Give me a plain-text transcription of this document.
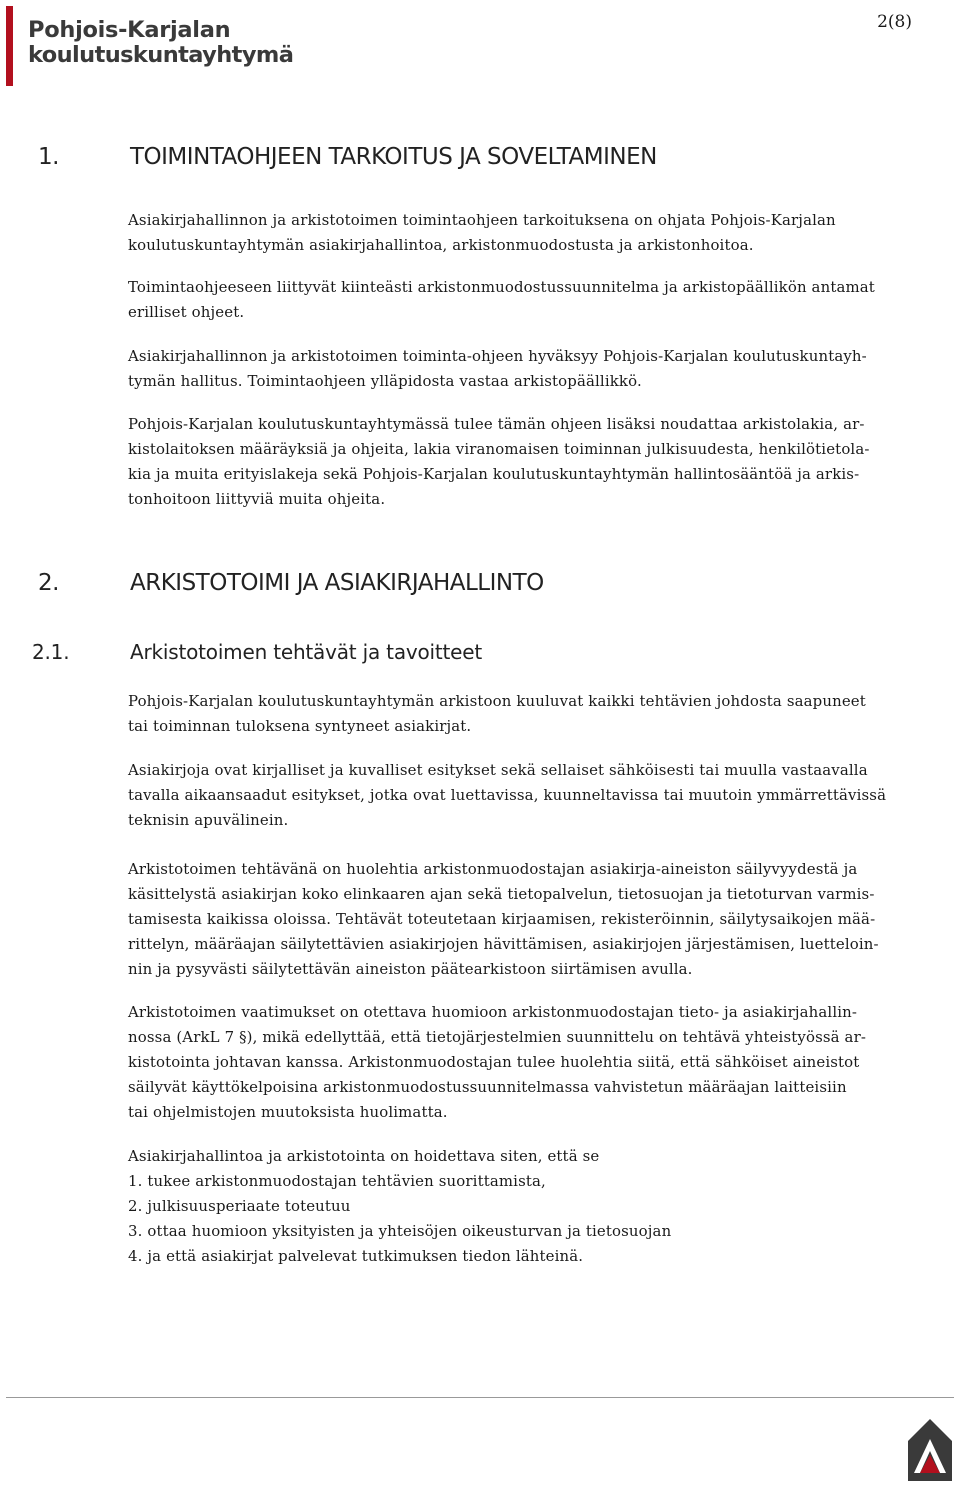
Pohjois-Karjalan
koulutuskuntayhtymä
2(8)
1.	TOIMINTAOHJEEN TARKOITUS JA SOVELTAMINEN

Asiakirjahallinnon ja arkistotoimen toimintaohjeen tarkoituksena on ohjata Pohjois-Karjalan
koulutuskuntayhtymän asiakirjahallintoa, arkistonmuodostusta ja arkistonhoitoa.

Toimintaohjeeseen liittyvät kiinteästi arkistonmuodostussuunnitelma ja arkistopäällikön antamat
erilliset ohjeet.

Asiakirjahallinnon ja arkistotoimen toiminta-ohjeen hyväksyy Pohjois-Karjalan koulutuskuntayh-
tymän hallitus. Toimintaohjeen ylläpidosta vastaa arkistopäällikkö.

Pohjois-Karjalan koulutuskuntayhtymässä tulee tämän ohjeen lisäksi noudattaa arkistolakia, ar-
kistolaitoksen määräyksiä ja ohjeita, lakia viranomaisen toiminnan julkisuudesta, henkilötietola-
kia ja muita erityislakeja sekä Pohjois-Karjalan koulutuskuntayhtymän hallintosääntöä ja arkis-
tonhoitoon liittyviä muita ohjeita.

2.	ARKISTOTOIMI JA ASIAKIRJAHALLINTO
2.1.	Arkistotoimen tehtävät ja tavoitteet

Pohjois-Karjalan koulutuskuntayhtymän arkistoon kuuluvat kaikki tehtävien johdosta saapuneet
tai toiminnan tuloksena syntyneet asiakirjat.

Asiakirjoja ovat kirjalliset ja kuvalliset esitykset sekä sellaiset sähköisesti tai muulla vastaavalla
tavalla aikaansaadut esitykset, jotka ovat luettavissa, kuunneltavissa tai muutoin ymmärrettävissä
teknisin apuvälinein.

Arkistotoimen tehtävänä on huolehtia arkistonmuodostajan asiakirja-aineiston säilyvyydestä ja
käsittelystä asiakirjan koko elinkaaren ajan sekä tietopalvelun, tietosuojan ja tietoturvan varmis-
tamisesta kaikissa oloissa. Tehtävät toteutetaan kirjaamisen, rekisteröinnin, säilytysaikojen mää-
rittelyn, määräajan säilytettävien asiakirjojen hävittämisen, asiakirjojen järjestämisen, luetteloin-
nin ja pysyvästi säilytettävän aineiston päätearkistoon siirtämisen avulla.

Arkistotoimen vaatimukset on otettava huomioon arkistonmuodostajan tieto- ja asiakirjahallin-
nossa (ArkL 7 §), mikä edellyttää, että tietojärjestelmien suunnittelu on tehtävä yhteistyössä ar-
kistotointa johtavan kanssa. Arkistonmuodostajan tulee huolehtia siitä, että sähköiset aineistot
säilyvät käyttökelpoisina arkistonmuodostussuunnitelmassa vahvistetun määräajan laitteisiin
tai ohjelmistojen muutoksista huolimatta.

Asiakirjahallintoa ja arkistotointa on hoidettava siten, että se
1. tukee arkistonmuodostajan tehtävien suorittamista,
2. julkisuusperiaate toteutuu
3. ottaa huomioon yksityisten ja yhteisöjen oikeusturvan ja tietosuojan
4. ja että asiakirjat palvelevat tutkimuksen tiedon lähteinä.
